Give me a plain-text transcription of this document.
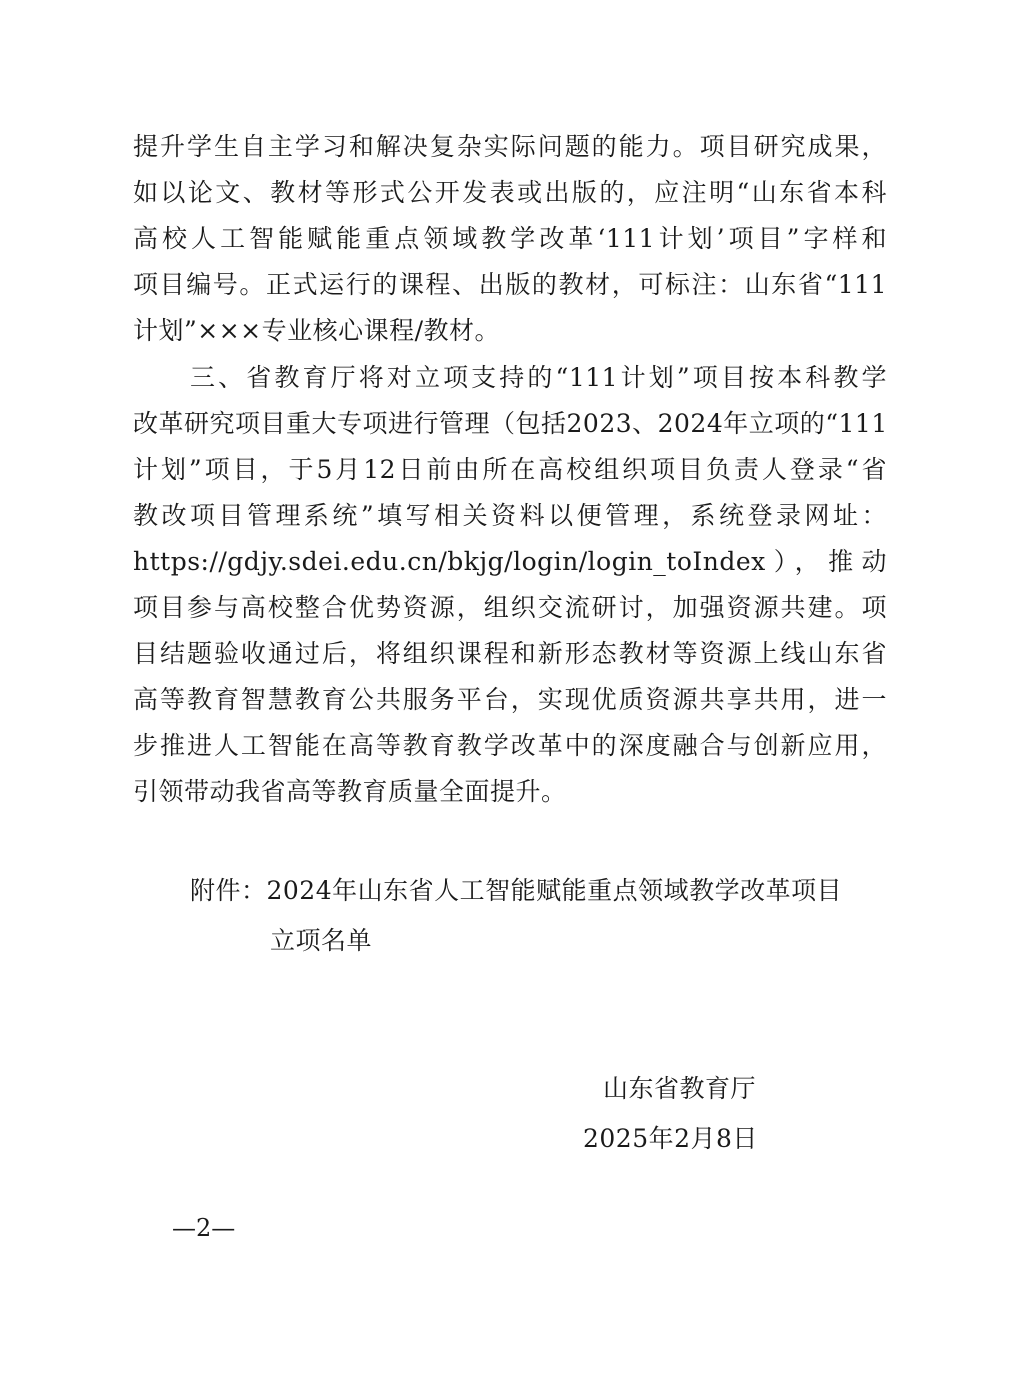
提升学生自主学习和解决复杂实际问题的能力。项目研究成果，
如以论文、教材等形式公开发表或出版的，应注明“山东省本科
高校人工智能赋能重点领域教学改革‘111计划’项目”字样和
项目编号。正式运行的课程、出版的教材，可标注：山东省“111
计划”×××专业核心课程/教材。
三、省教育厅将对立项支持的“111计划”项目按本科教学
改革研究项目重大专项进行管理（包括2023、2024年立项的“111
计划”项目，于5月12日前由所在高校组织项目负责人登录“省
教改项目管理系统”填写相关资料以便管理，系统登录网址：
https://gdjy.sdei.edu.cn/bkjg/login/login_toIndex），推动
项目参与高校整合优势资源，组织交流研讨，加强资源共建。项
目结题验收通过后，将组织课程和新形态教材等资源上线山东省
高等教育智慧教育公共服务平台，实现优质资源共享共用，进一
步推进人工智能在高等教育教学改革中的深度融合与创新应用，
引领带动我省高等教育质量全面提升。
附件：2024年山东省人工智能赋能重点领域教学改革项目
立项名单
山东省教育厅
2025年2月8日
—2—
